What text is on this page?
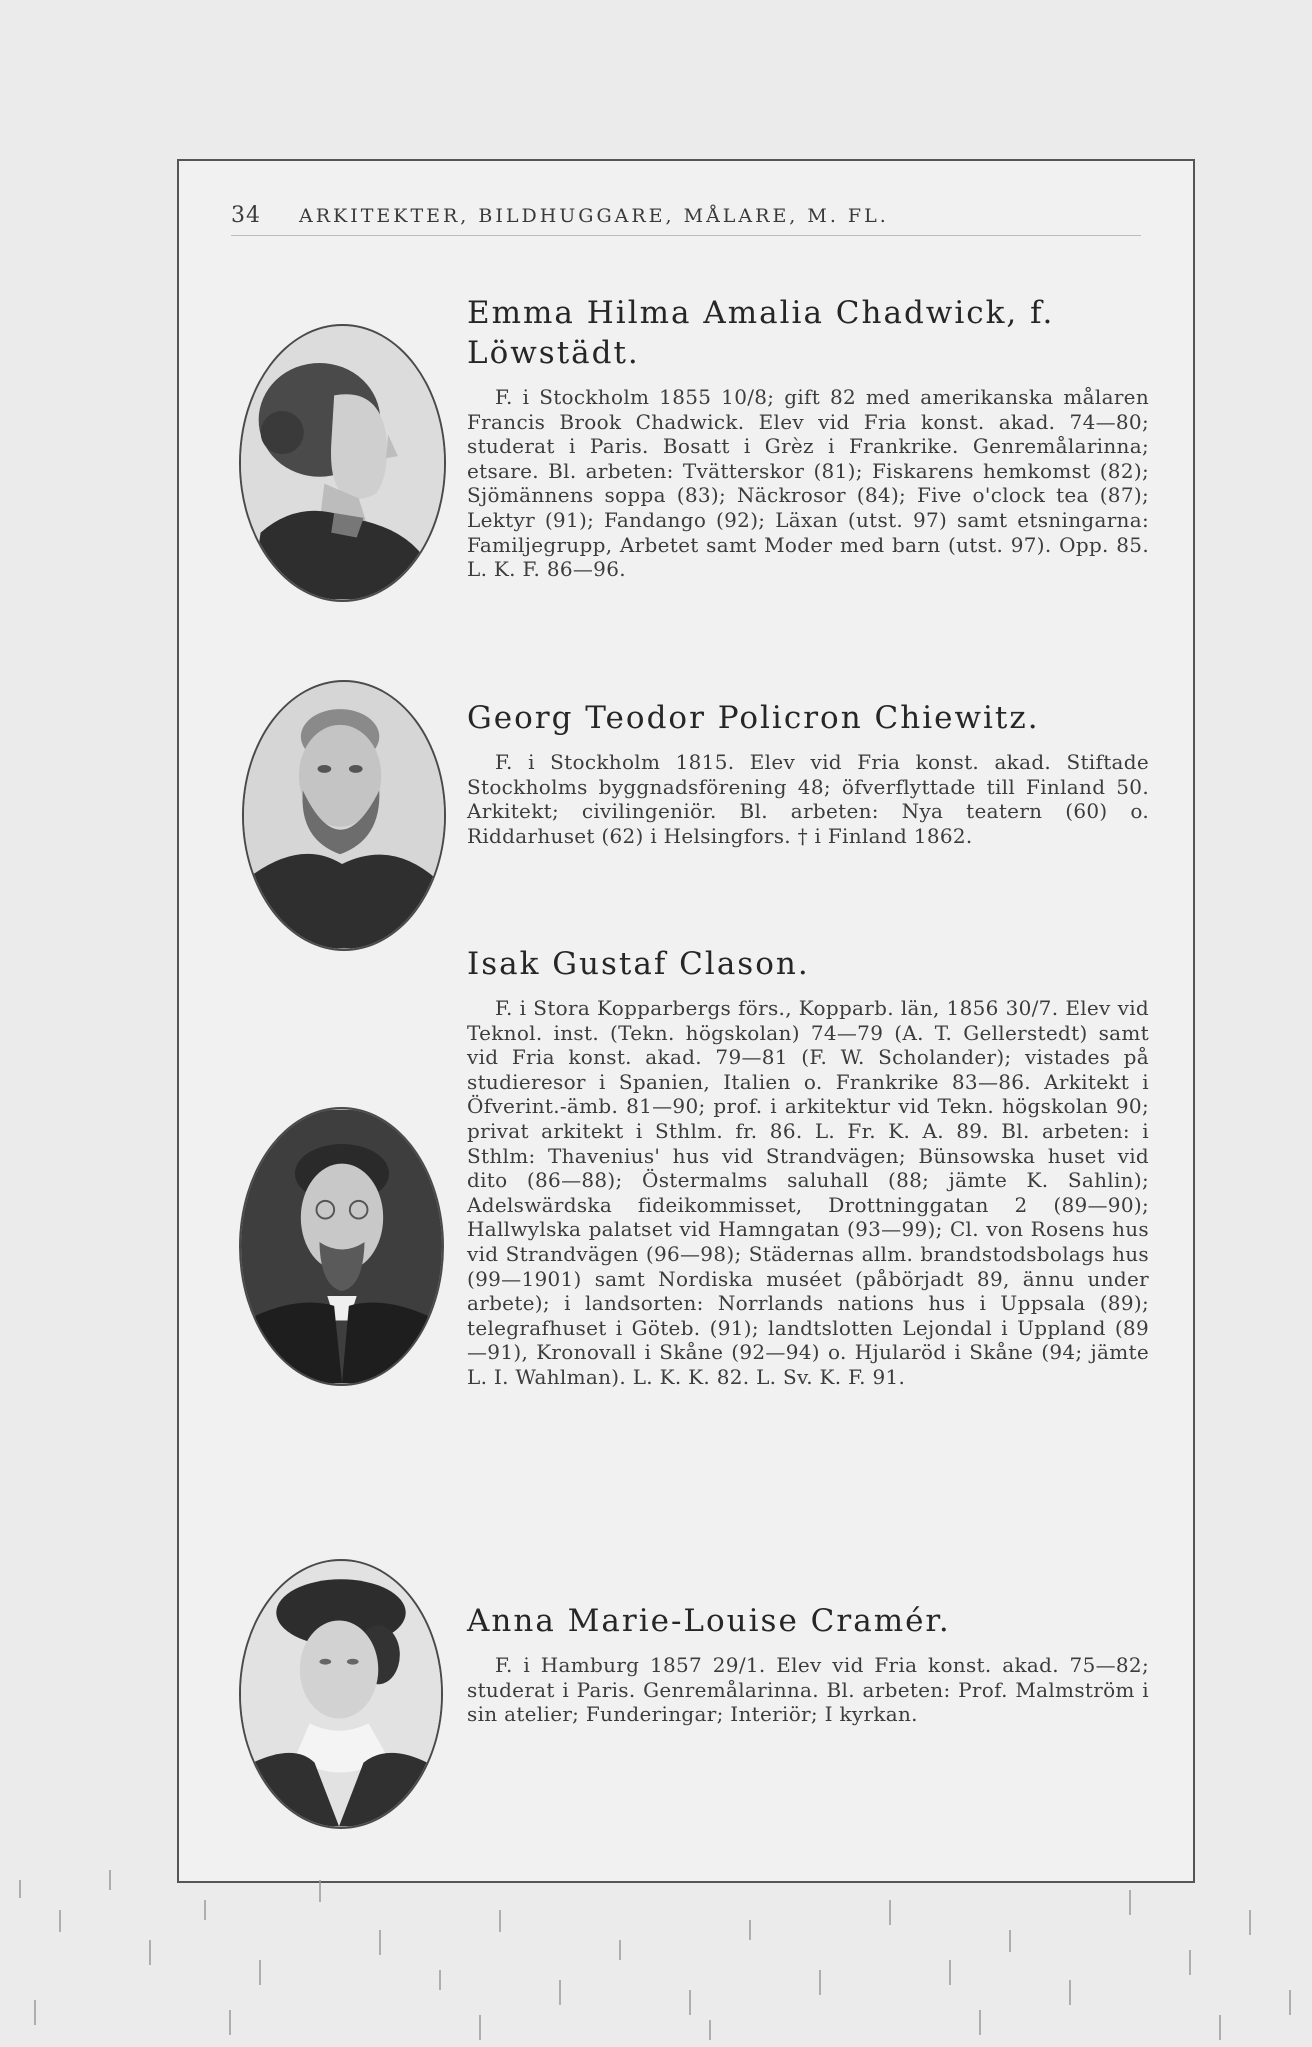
34 ARKITEKTER, BILDHUGGARE, MÅLARE, M. FL.
Emma Hilma Amalia Chadwick, f. Löwstädt.

F. i Stockholm 1855 10/8; gift 82 med amerikanska målaren Francis Brook Chadwick. Elev vid Fria konst. akad. 74—80; studerat i Paris. Bosatt i Grèz i Frankrike. Genremålarinna; etsare. Bl. arbeten: Tvätterskor (81); Fiskarens hemkomst (82); Sjömännens soppa (83); Näckrosor (84); Five o'clock tea (87); Lektyr (91); Fandango (92); Läxan (utst. 97) samt etsningarna: Familjegrupp, Arbetet samt Moder med barn (utst. 97). Opp. 85. L. K. F. 86—96.

Georg Teodor Policron Chiewitz.

F. i Stockholm 1815. Elev vid Fria konst. akad. Stiftade Stockholms byggnadsförening 48; öfverflyttade till Finland 50. Arkitekt; civilingeniör. Bl. arbeten: Nya teatern (60) o. Riddarhuset (62) i Helsingfors. † i Finland 1862.

Isak Gustaf Clason.

F. i Stora Kopparbergs förs., Kopparb. län, 1856 30/7. Elev vid Teknol. inst. (Tekn. högskolan) 74—79 (A. T. Gellerstedt) samt vid Fria konst. akad. 79—81 (F. W. Scholander); vistades på studieresor i Spanien, Italien o. Frankrike 83—86. Arkitekt i Öfverint.-ämb. 81—90; prof. i arkitektur vid Tekn. högskolan 90; privat arkitekt i Sthlm. fr. 86. L. Fr. K. A. 89. Bl. arbeten: i Sthlm: Thavenius' hus vid Strandvägen; Bünsowska huset vid dito (86—88); Östermalms saluhall (88; jämte K. Sahlin); Adelswärdska fideikommisset, Drottninggatan 2 (89—90); Hallwylska palatset vid Hamngatan (93—99); Cl. von Rosens hus vid Strandvägen (96—98); Städernas allm. brandstodsbolags hus (99—1901) samt Nordiska muséet (påbörjadt 89, ännu under arbete); i landsorten: Norrlands nations hus i Uppsala (89); telegrafhuset i Göteb. (91); landtslotten Lejondal i Uppland (89—91), Kronovall i Skåne (92—94) o. Hjularöd i Skåne (94; jämte L. I. Wahlman). L. K. K. 82. L. Sv. K. F. 91.

Anna Marie-Louise Cramér.

F. i Hamburg 1857 29/1. Elev vid Fria konst. akad. 75—82; studerat i Paris. Genremålarinna. Bl. arbeten: Prof. Malmström i sin atelier; Funderingar; Interiör; I kyrkan.
